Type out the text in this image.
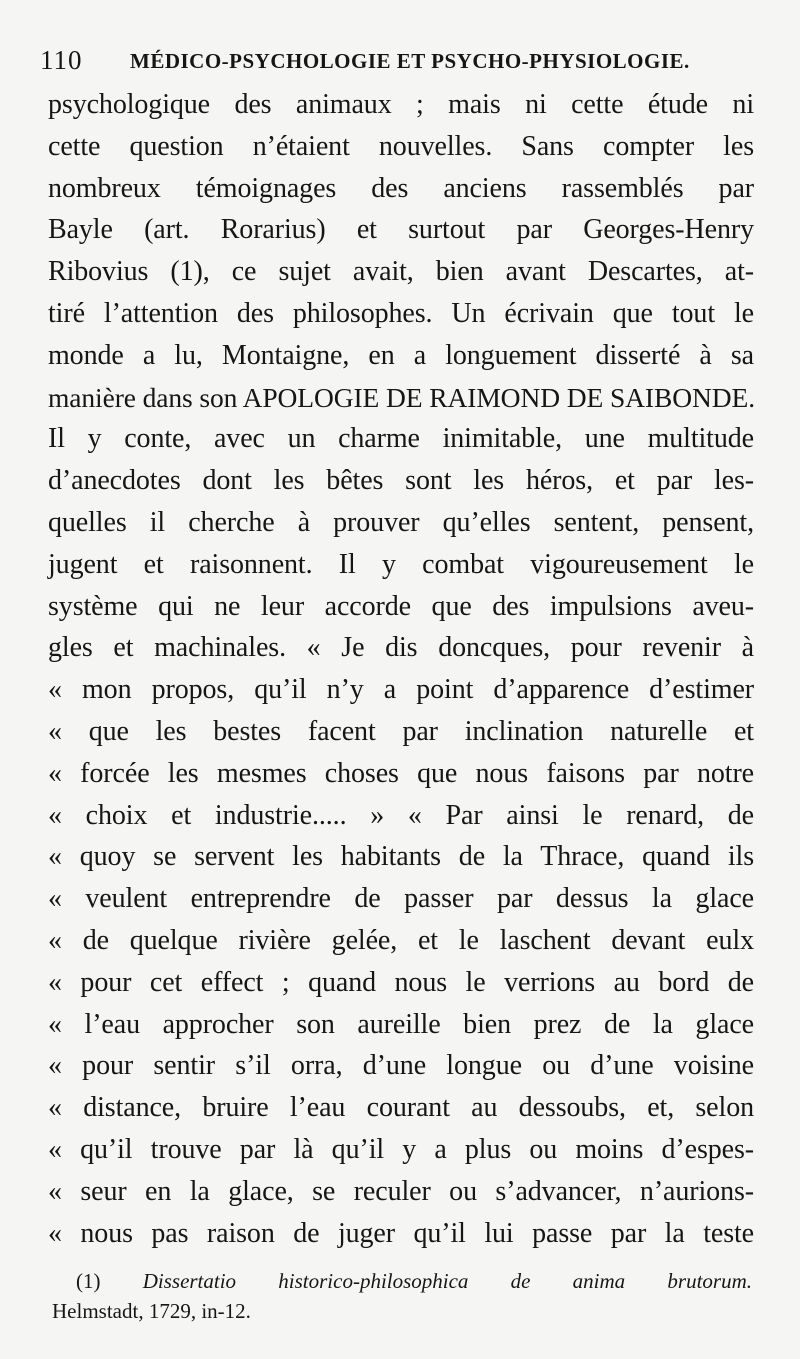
110 MÉDICO-PSYCHOLOGIE ET PSYCHO-PHYSIOLOGIE.
psychologique des animaux ; mais ni cette étude ni
cette question n’étaient nouvelles. Sans compter les
nombreux témoignages des anciens rassemblés par
Bayle (art. Rorarius) et surtout par Georges-Henry
Ribovius (1), ce sujet avait, bien avant Descartes, at-
tiré l’attention des philosophes. Un écrivain que tout le
monde a lu, Montaigne, en a longuement disserté à sa
manière dans son APOLOGIE DE RAIMOND DE SAIBONDE.
Il y conte, avec un charme inimitable, une multitude
d’anecdotes dont les bêtes sont les héros, et par les-
quelles il cherche à prouver qu’elles sentent, pensent,
jugent et raisonnent. Il y combat vigoureusement le
système qui ne leur accorde que des impulsions aveu-
gles et machinales. « Je dis doncques, pour revenir à
« mon propos, qu’il n’y a point d’apparence d’estimer
« que les bestes facent par inclination naturelle et
« forcée les mesmes choses que nous faisons par notre
« choix et industrie..... » « Par ainsi le renard, de
« quoy se servent les habitants de la Thrace, quand ils
« veulent entreprendre de passer par dessus la glace
« de quelque rivière gelée, et le laschent devant eulx
« pour cet effect ; quand nous le verrions au bord de
« l’eau approcher son aureille bien prez de la glace
« pour sentir s’il orra, d’une longue ou d’une voisine
« distance, bruire l’eau courant au dessoubs, et, selon
« qu’il trouve par là qu’il y a plus ou moins d’espes-
« seur en la glace, se reculer ou s’advancer, n’aurions-
« nous pas raison de juger qu’il lui passe par la teste
(1) Dissertatio historico-philosophica de anima brutorum.
Helmstadt, 1729, in-12.
